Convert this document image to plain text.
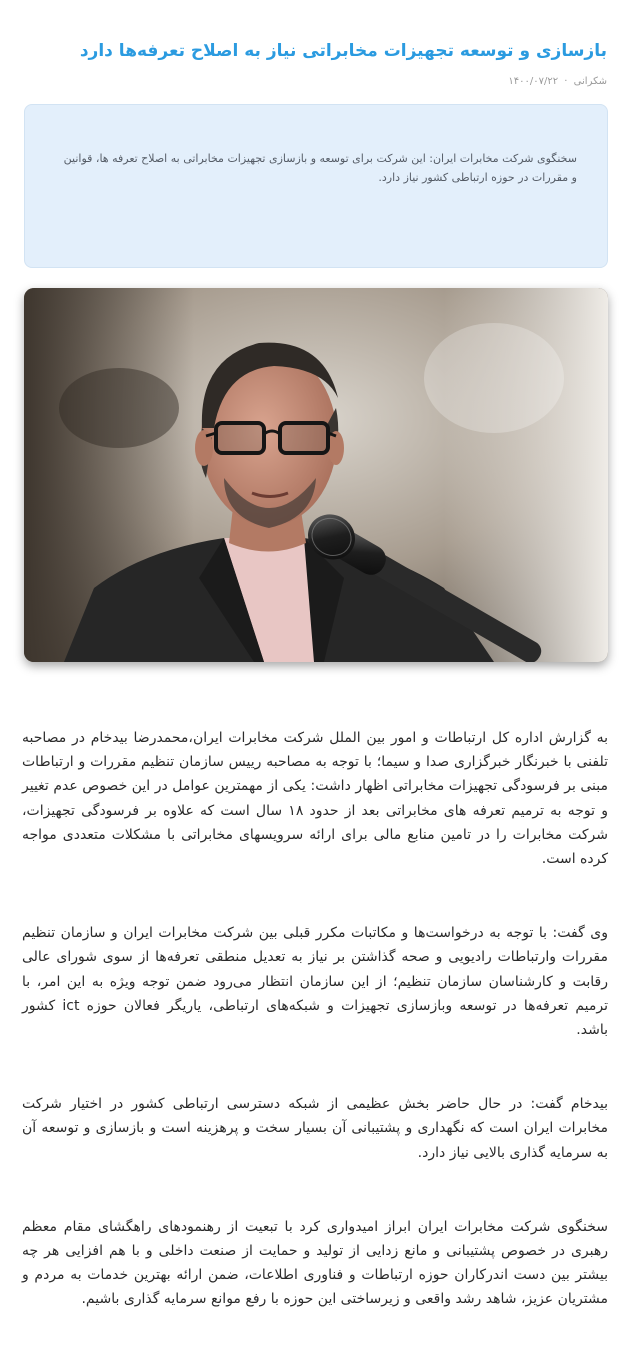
بازسازی و توسعه تجهیزات مخابراتی نیاز به اصلاح تعرفه‌ها دارد
شکرانی · ۱۴۰۰/۰۷/۲۲

سخنگوی شرکت مخابرات ایران: این شرکت برای توسعه و بازسازی تجهیزات مخابراتی به اصلاح تعرفه ها، قوانین و مقررات در حوزه ارتباطی کشور نیاز دارد.

به گزارش اداره کل ارتباطات و امور بین الملل شرکت مخابرات ایران،محمدرضا بیدخام در مصاحبه تلفنی با خبرنگار خبرگزاری صدا و سیما؛ با توجه به مصاحبه رییس سازمان تنظیم مقررات و ارتباطات مبنی بر فرسودگی تجهیزات مخابراتی اظهار داشت: یکی از مهمترین عوامل در این خصوص عدم تغییر و توجه به ترمیم تعرفه های مخابراتی بعد از حدود ۱۸ سال است که علاوه بر فرسودگی تجهیزات، شرکت مخابرات را در تامین منابع مالی برای ارائه سرویسهای مخابراتی با مشکلات متعددی مواجه کرده است.

وی گفت: با توجه به درخواست‌ها و مکاتبات مکرر قبلی بین شرکت مخابرات ایران و سازمان تنظیم مقررات وارتباطات رادیویی و صحه گذاشتن بر نیاز به تعدیل منطقی تعرفه‌ها از سوی شورای عالی رقابت و کارشناسان سازمان تنظیم؛ از این سازمان انتظار می‌رود ضمن توجه ویژه به این امر، با ترمیم تعرفه‌ها در توسعه وبازسازی تجهیزات و شبکه‌های ارتباطی، یاریگر فعالان حوزه ict کشور باشد.

بیدخام گفت: در حال حاضر بخش عظیمی از شبکه دسترسی ارتباطی کشور در اختیار شرکت مخابرات ایران است که نگهداری و پشتیبانی آن بسیار سخت و پرهزینه است و بازسازی و توسعه آن به سرمایه گذاری بالایی نیاز دارد.

سخنگوی شرکت مخابرات ایران ابراز امیدواری کرد با تبعیت از رهنمودهای راهگشای مقام معظم رهبری در خصوص پشتیبانی و مانع زدایی از تولید و حمایت از صنعت داخلی و با هم افزایی هر چه بیشتر بین دست اندرکاران حوزه ارتباطات و فناوری اطلاعات، ضمن ارائه بهترین خدمات به مردم و مشتریان عزیز، شاهد رشد واقعی و زیرساختی این حوزه با رفع موانع سرمایه گذاری باشیم.
